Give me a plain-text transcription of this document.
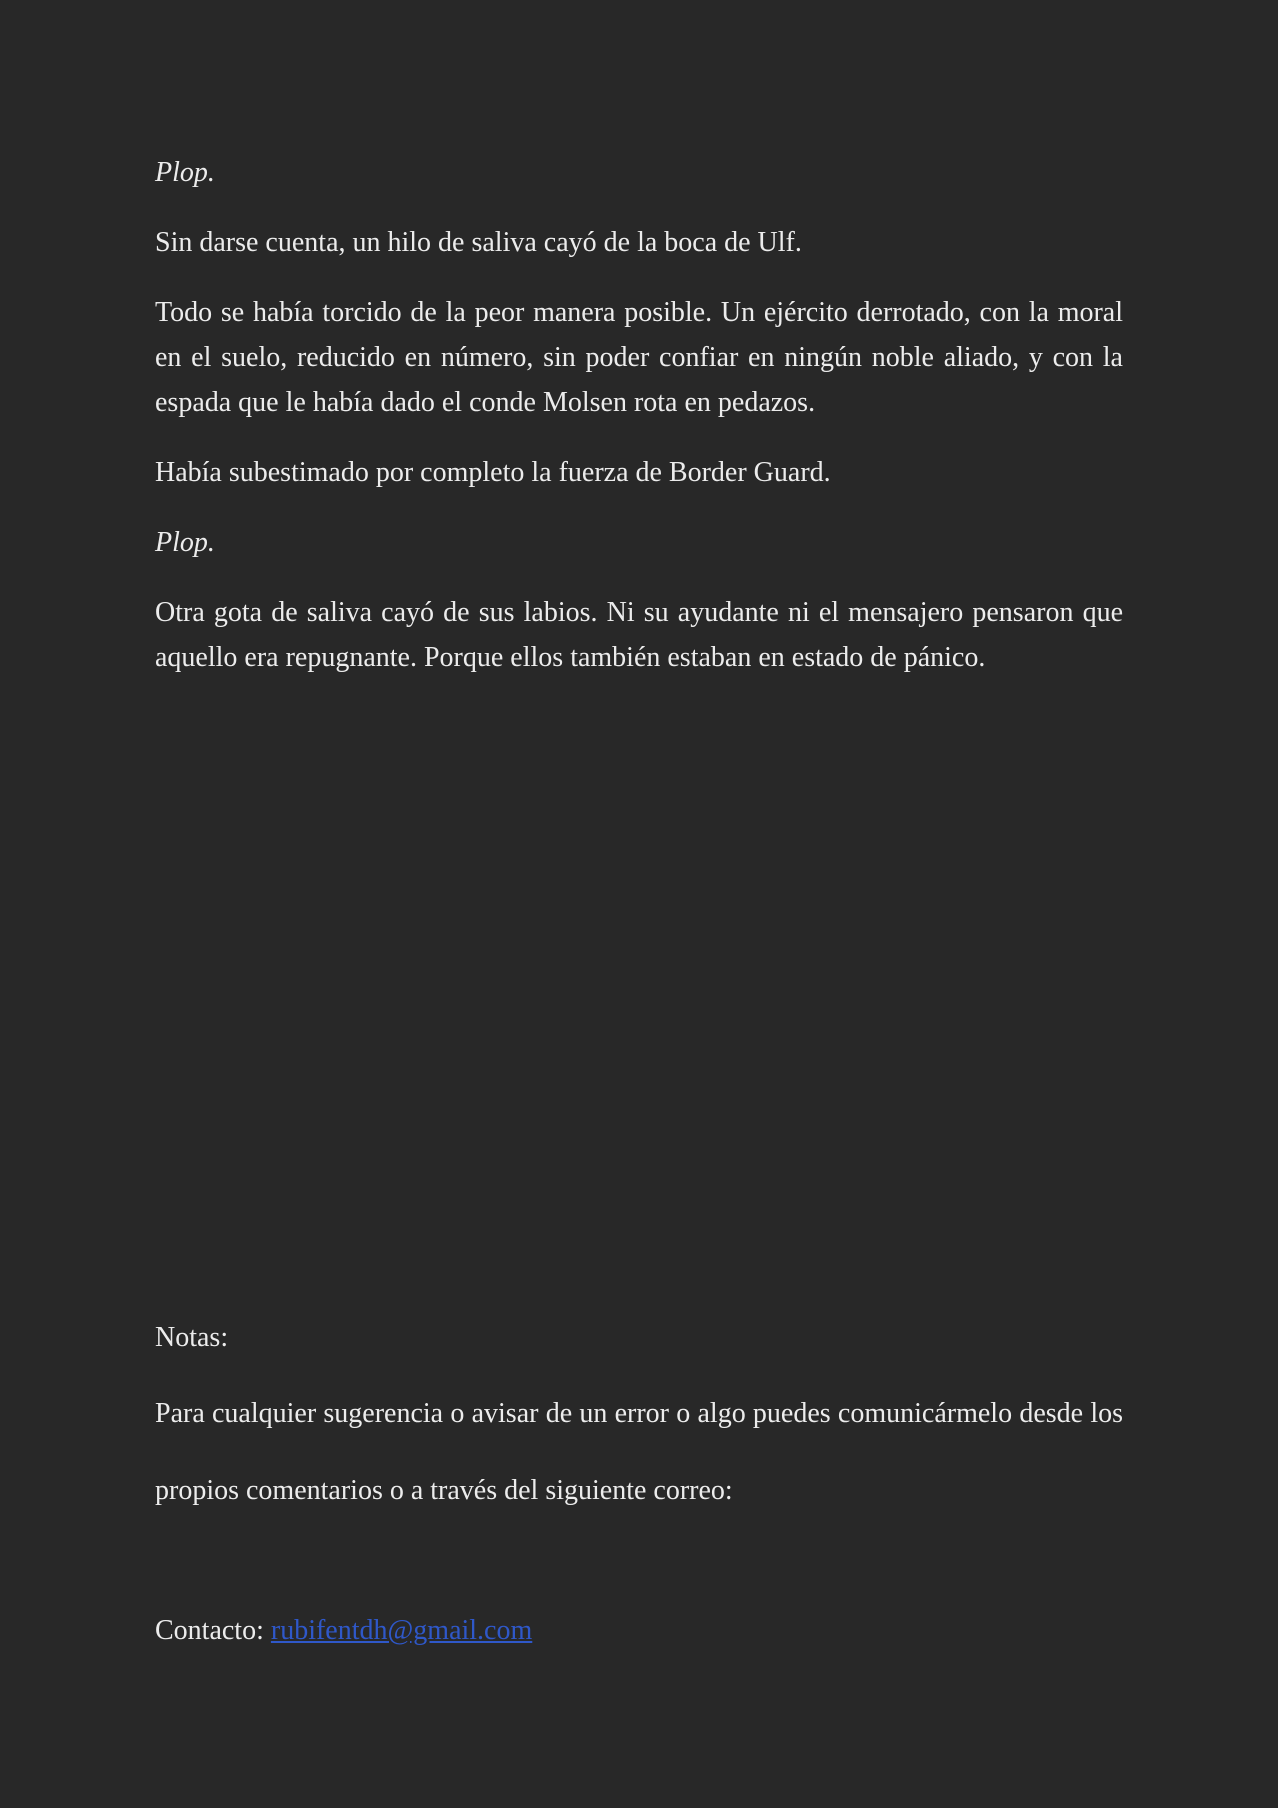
Plop.

Sin darse cuenta, un hilo de saliva cayó de la boca de Ulf.

Todo se había torcido de la peor manera posible. Un ejército derrotado, con la moral en el suelo, reducido en número, sin poder confiar en ningún noble aliado, y con la espada que le había dado el conde Molsen rota en pedazos.

Había subestimado por completo la fuerza de Border Guard.

Plop.

Otra gota de saliva cayó de sus labios. Ni su ayudante ni el mensajero pensaron que aquello era repugnante. Porque ellos también estaban en estado de pánico.

Notas:

Para cualquier sugerencia o avisar de un error o algo puedes comunicármelo desde los

propios comentarios o a través del siguiente correo:

Contacto: rubifentdh@gmail.com
